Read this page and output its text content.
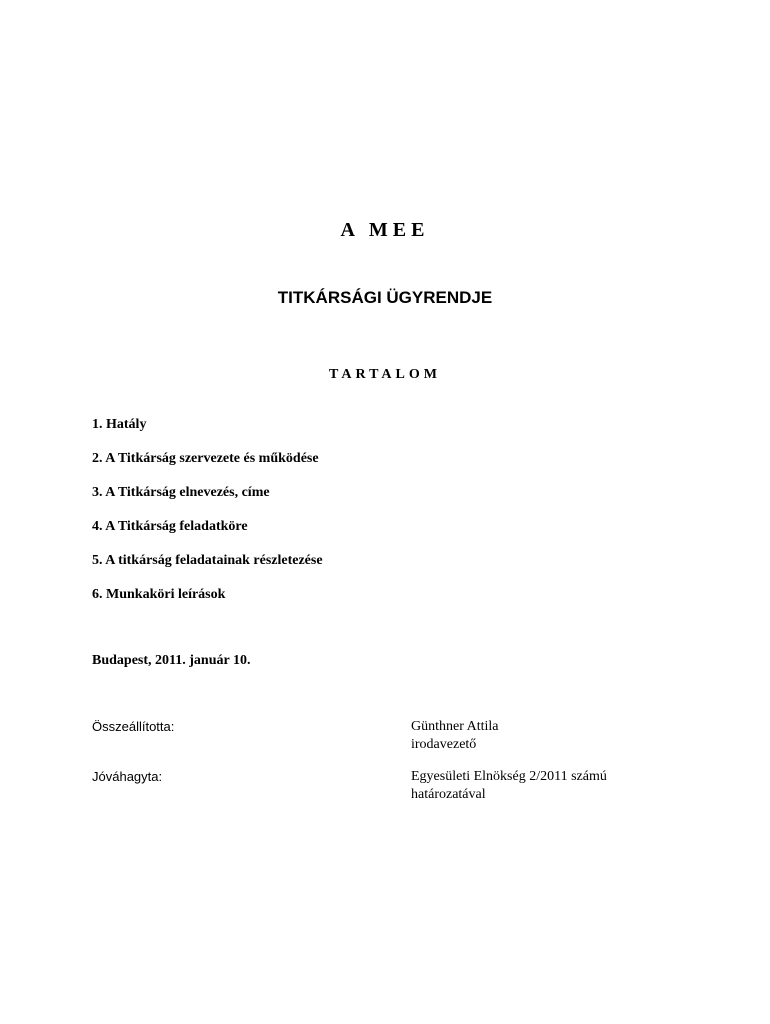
A MEE
TITKÁRSÁGI ÜGYRENDJE
TARTALOM
1. Hatály
2. A Titkárság szervezete és működése
3. A Titkárság elnevezés, címe
4. A Titkárság feladatköre
5. A titkárság feladatainak részletezése
6. Munkaköri leírások
Budapest, 2011. január 10.
Összeállította:	Günthner Attila
irodavezető
Jóváhagyta:	Egyesületi Elnökség 2/2011 számú
határozatával
